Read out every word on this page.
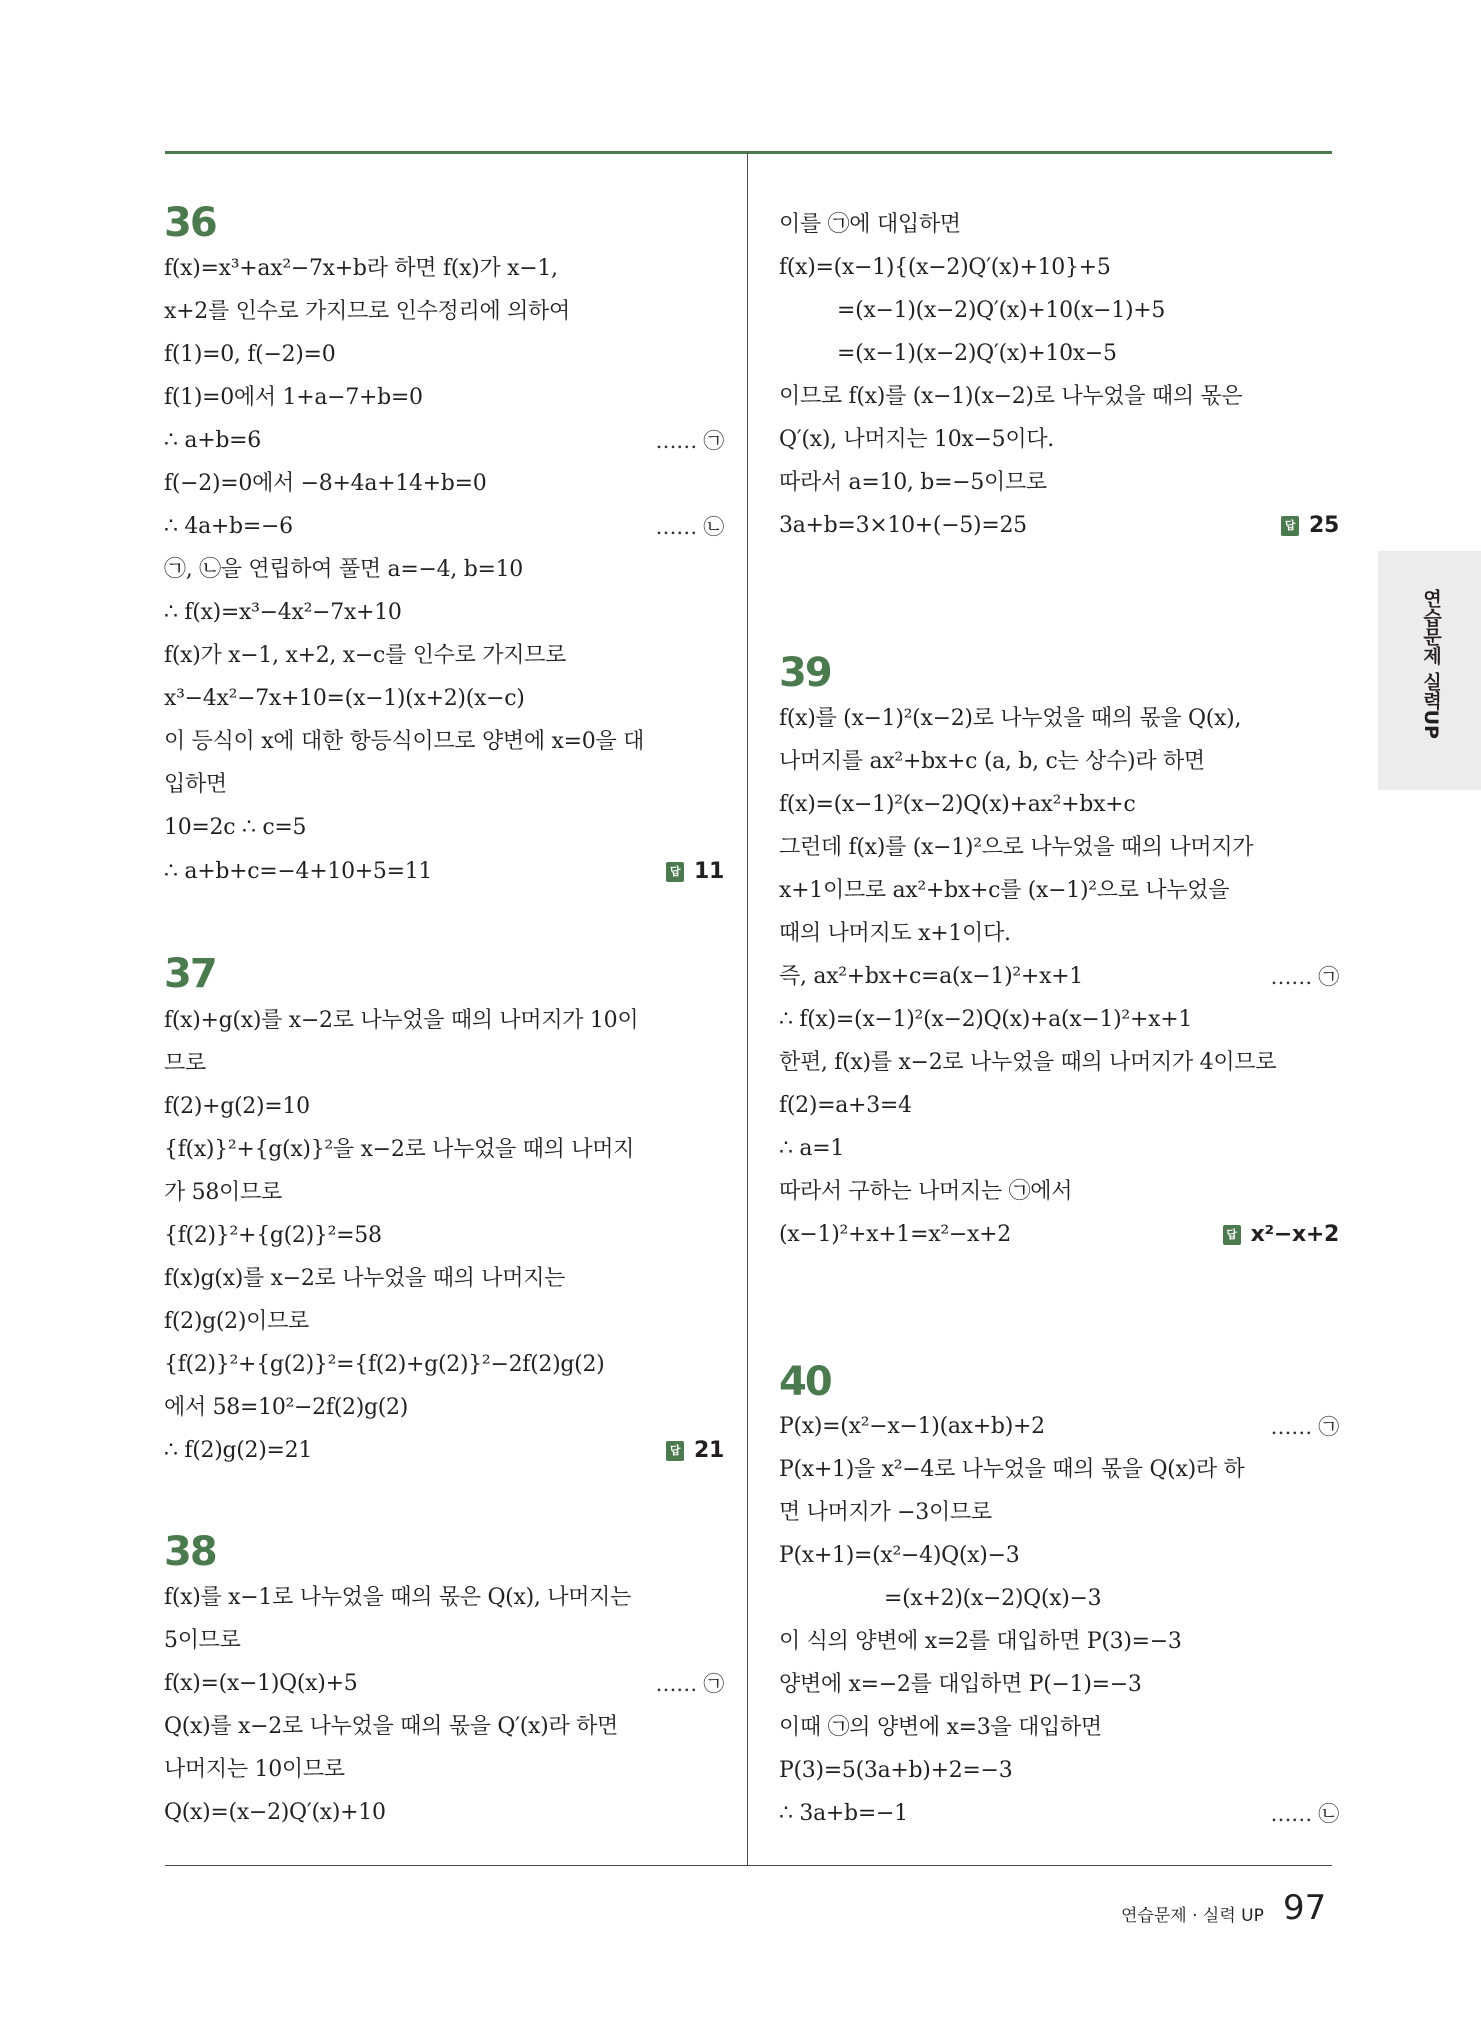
36
f(x)=x³+ax²−7x+b라 하면 f(x)가 x−1,
x+2를 인수로 가지므로 인수정리에 의하여
f(1)=0, f(−2)=0
f(1)=0에서 1+a−7+b=0
∴ a+b=6	…… ㉠
f(−2)=0에서 −8+4a+14+b=0
∴ 4a+b=−6	…… ㉡
㉠, ㉡을 연립하여 풀면 a=−4, b=10
∴ f(x)=x³−4x²−7x+10
f(x)가 x−1, x+2, x−c를 인수로 가지므로
x³−4x²−7x+10=(x−1)(x+2)(x−c)
이 등식이 x에 대한 항등식이므로 양변에 x=0을 대
입하면
10=2c ∴ c=5
∴ a+b+c=−4+10+5=11	답 11
37
f(x)+g(x)를 x−2로 나누었을 때의 나머지가 10이
므로
f(2)+g(2)=10
{f(x)}²+{g(x)}²을 x−2로 나누었을 때의 나머지
가 58이므로
{f(2)}²+{g(2)}²=58
f(x)g(x)를 x−2로 나누었을 때의 나머지는
f(2)g(2)이므로
{f(2)}²+{g(2)}²={f(2)+g(2)}²−2f(2)g(2)
에서 58=10²−2f(2)g(2)
∴ f(2)g(2)=21	답 21
38
f(x)를 x−1로 나누었을 때의 몫은 Q(x), 나머지는
5이므로
f(x)=(x−1)Q(x)+5	…… ㉠
Q(x)를 x−2로 나누었을 때의 몫을 Q′(x)라 하면
나머지는 10이므로
Q(x)=(x−2)Q′(x)+10
이를 ㉠에 대입하면
f(x)=(x−1){(x−2)Q′(x)+10}+5
=(x−1)(x−2)Q′(x)+10(x−1)+5
=(x−1)(x−2)Q′(x)+10x−5
이므로 f(x)를 (x−1)(x−2)로 나누었을 때의 몫은
Q′(x), 나머지는 10x−5이다.
따라서 a=10, b=−5이므로
3a+b=3×10+(−5)=25	답 25
39
f(x)를 (x−1)²(x−2)로 나누었을 때의 몫을 Q(x),
나머지를 ax²+bx+c (a, b, c는 상수)라 하면
f(x)=(x−1)²(x−2)Q(x)+ax²+bx+c
그런데 f(x)를 (x−1)²으로 나누었을 때의 나머지가
x+1이므로 ax²+bx+c를 (x−1)²으로 나누었을
때의 나머지도 x+1이다.
즉, ax²+bx+c=a(x−1)²+x+1	…… ㉠
∴ f(x)=(x−1)²(x−2)Q(x)+a(x−1)²+x+1
한편, f(x)를 x−2로 나누었을 때의 나머지가 4이므로
f(2)=a+3=4
∴ a=1
따라서 구하는 나머지는 ㉠에서
(x−1)²+x+1=x²−x+2	답 x²−x+2
40
P(x)=(x²−x−1)(ax+b)+2	…… ㉠
P(x+1)을 x²−4로 나누었을 때의 몫을 Q(x)라 하
면 나머지가 −3이므로
P(x+1)=(x²−4)Q(x)−3
=(x+2)(x−2)Q(x)−3
이 식의 양변에 x=2를 대입하면 P(3)=−3
양변에 x=−2를 대입하면 P(−1)=−3
이때 ㉠의 양변에 x=3을 대입하면
P(3)=5(3a+b)+2=−3
∴ 3a+b=−1	…… ㉡
연습문제 실력UP
연습문제 · 실력 UP 97
